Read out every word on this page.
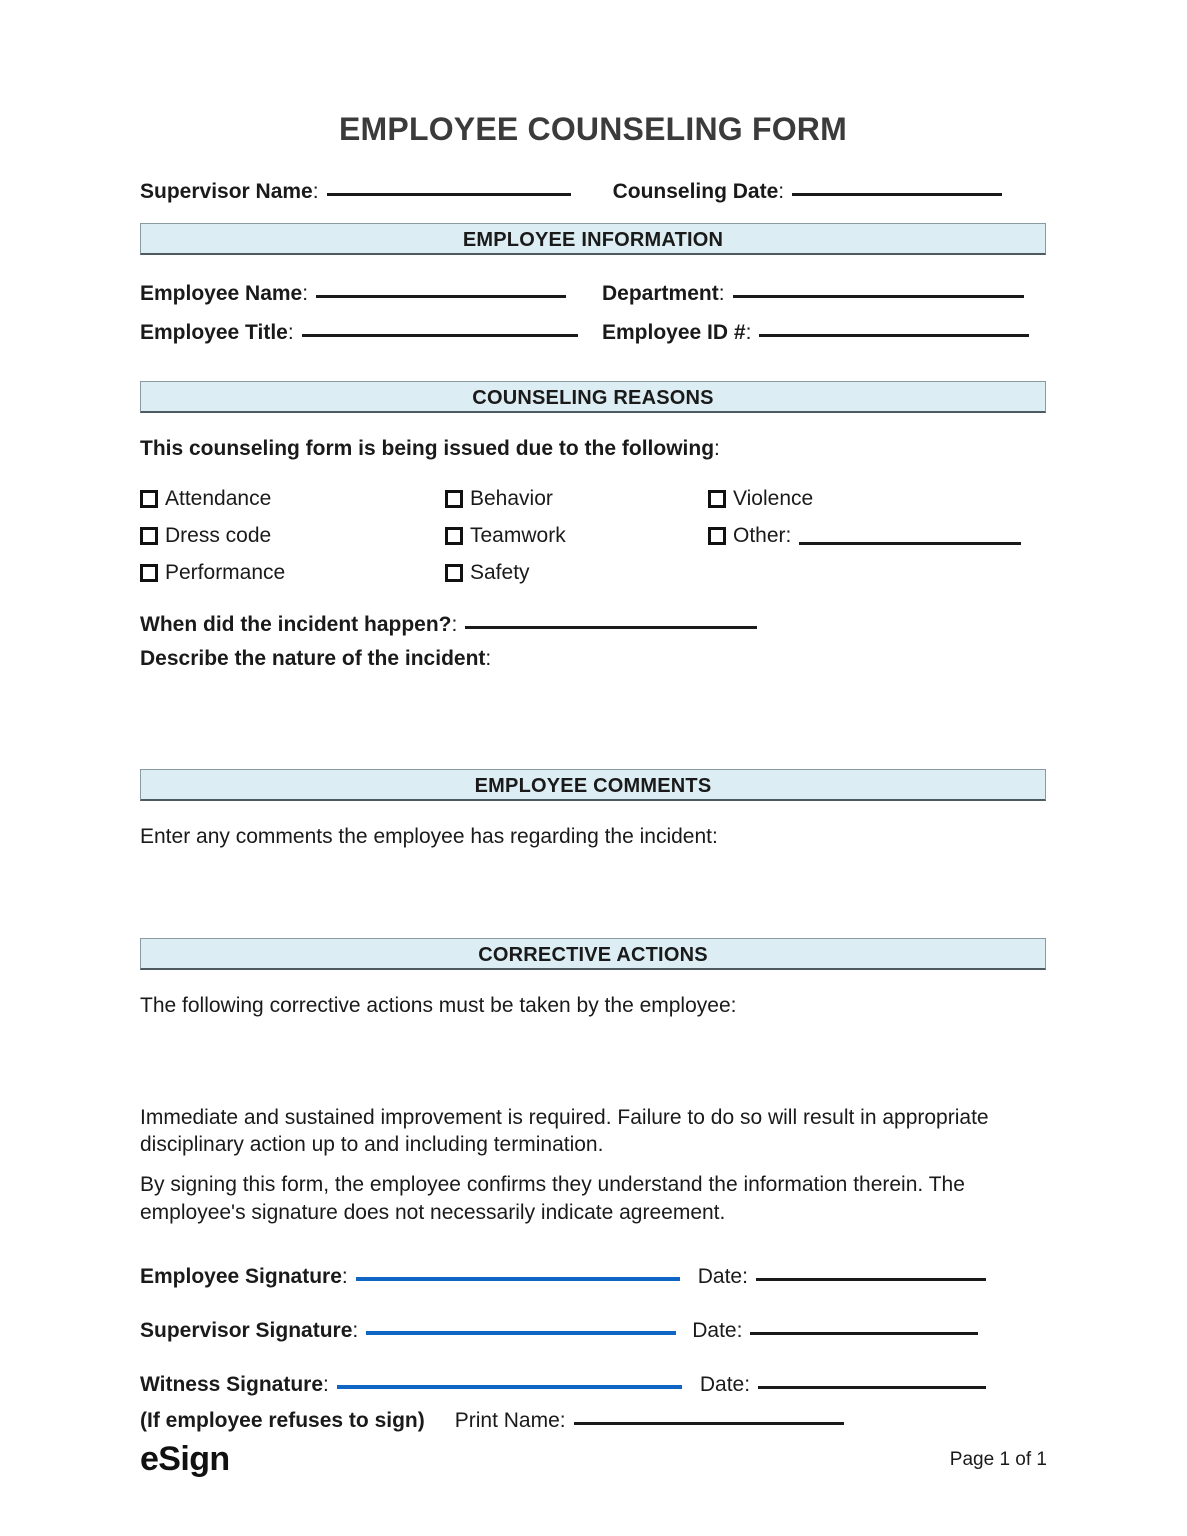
EMPLOYEE COUNSELING FORM
Supervisor Name:	Counseling Date:
EMPLOYEE INFORMATION
Employee Name:	Department:
Employee Title:	Employee ID #:
COUNSELING REASONS
This counseling form is being issued due to the following:
Attendance	Behavior	Violence
Dress code	Teamwork	Other:
Performance	Safety
When did the incident happen?:
Describe the nature of the incident:
EMPLOYEE COMMENTS
Enter any comments the employee has regarding the incident:
CORRECTIVE ACTIONS
The following corrective actions must be taken by the employee:
Immediate and sustained improvement is required. Failure to do so will result in appropriate disciplinary action up to and including termination.
By signing this form, the employee confirms they understand the information therein. The employee's signature does not necessarily indicate agreement.
Employee Signature:	Date:
Supervisor Signature:	Date:
Witness Signature:	Date:
(If employee refuses to sign) Print Name:
eSign	Page 1 of 1
